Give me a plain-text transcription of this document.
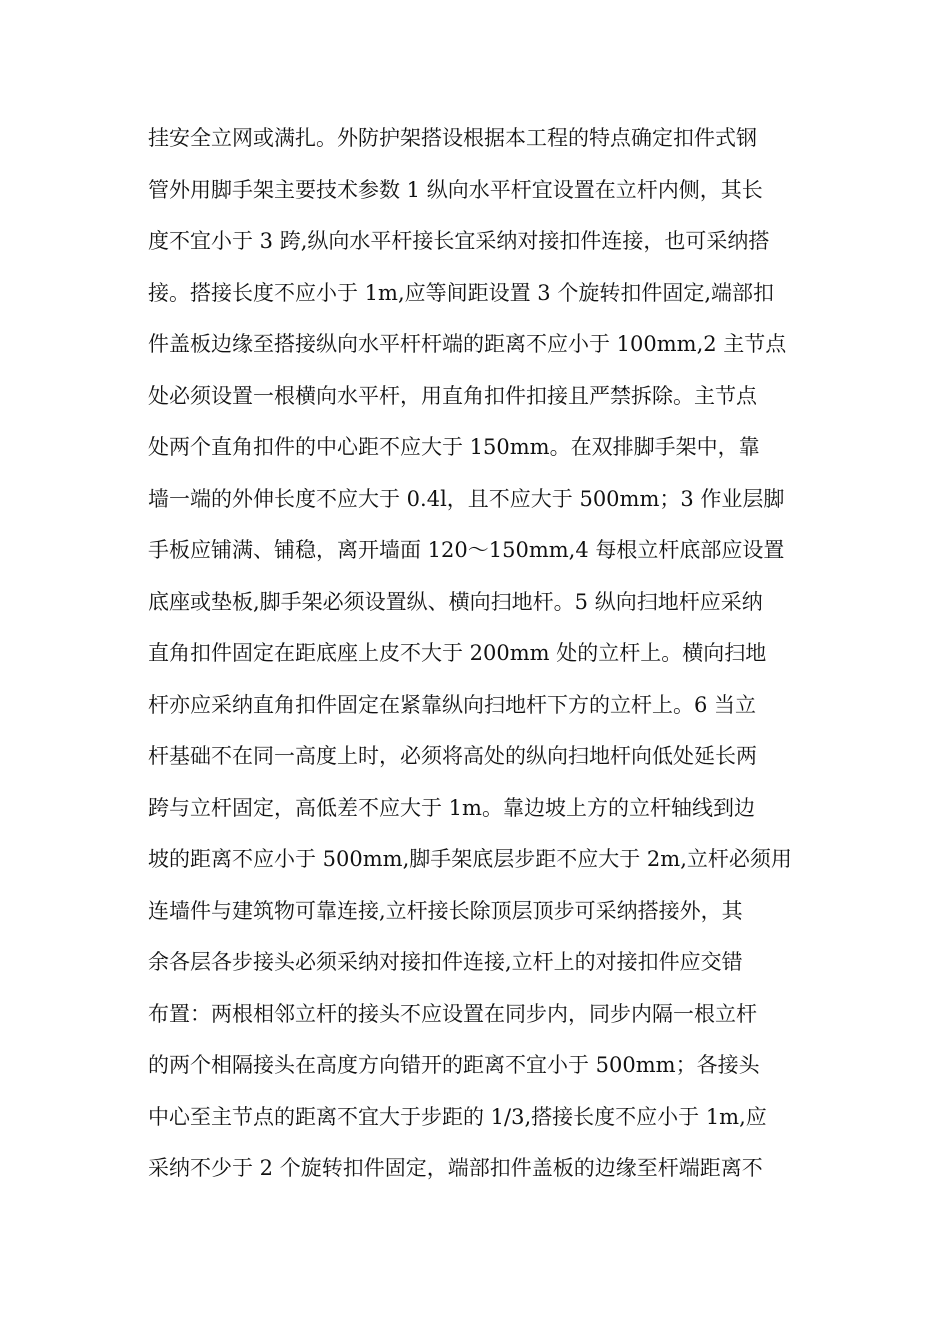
挂安全立网或满扎。外防护架搭设根据本工程的特点确定扣件式钢
管外用脚手架主要技术参数 1 纵向水平杆宜设置在立杆内侧，其长
度不宜小于 3 跨,纵向水平杆接长宜采纳对接扣件连接，也可采纳搭
接。搭接长度不应小于 1m,应等间距设置 3 个旋转扣件固定,端部扣
件盖板边缘至搭接纵向水平杆杆端的距离不应小于 100mm,2 主节点
处必须设置一根横向水平杆，用直角扣件扣接且严禁拆除。主节点
处两个直角扣件的中心距不应大于 150mm。在双排脚手架中，靠
墙一端的外伸长度不应大于 0.4l，且不应大于 500mm；3 作业层脚
手板应铺满、铺稳，离开墙面 120～150mm,4 每根立杆底部应设置
底座或垫板,脚手架必须设置纵、横向扫地杆。5 纵向扫地杆应采纳
直角扣件固定在距底座上皮不大于 200mm 处的立杆上。横向扫地
杆亦应采纳直角扣件固定在紧靠纵向扫地杆下方的立杆上。6 当立
杆基础不在同一高度上时，必须将高处的纵向扫地杆向低处延长两
跨与立杆固定，高低差不应大于 1m。靠边坡上方的立杆轴线到边
坡的距离不应小于 500mm,脚手架底层步距不应大于 2m,立杆必须用
连墙件与建筑物可靠连接,立杆接长除顶层顶步可采纳搭接外，其
余各层各步接头必须采纳对接扣件连接,立杆上的对接扣件应交错
布置：两根相邻立杆的接头不应设置在同步内，同步内隔一根立杆
的两个相隔接头在高度方向错开的距离不宜小于 500mm；各接头
中心至主节点的距离不宜大于步距的 1/3,搭接长度不应小于 1m,应
采纳不少于 2 个旋转扣件固定，端部扣件盖板的边缘至杆端距离不
